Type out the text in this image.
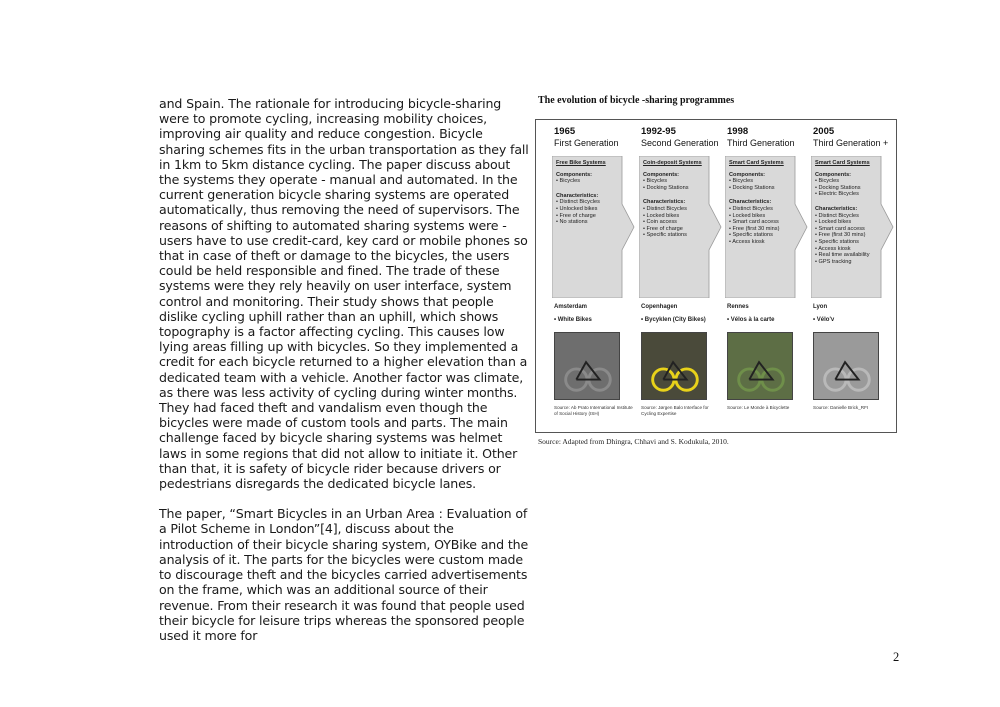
and Spain. The rationale for introducing bicycle-sharing were to promote cycling, increasing mobility choices, improving air quality and reduce congestion. Bicycle sharing schemes fits in the urban transportation as they fall in 1km to 5km distance cycling. The paper discuss about the systems they operate - manual and automated. In the current generation bicycle sharing systems are operated automatically, thus removing the need of supervisors. The reasons of shifting to automated sharing systems were - users have to use credit-card, key card or mobile phones so that in case of theft or damage to the bicycles, the users could be held responsible and fined. The trade of these systems were they rely heavily on user interface, system control and monitoring. Their study shows that people dislike cycling uphill rather than an uphill, which shows topography is a factor affecting cycling. This causes low lying areas filling up with bicycles. So they implemented a credit for each bicycle returned to a higher elevation than a dedicated team with a vehicle. Another factor was climate, as there was less activity of cycling during winter months. They had faced theft and vandalism even though the bicycles were made of custom tools and parts. The main challenge faced by bicycle sharing systems was helmet laws in some regions that did not allow to initiate it. Other than that, it is safety of bicycle rider because drivers or pedestrians disregards the dedicated bicycle lanes.

The paper, “Smart Bicycles in an Urban Area : Evaluation of a Pilot Scheme in London”[4], discuss about the introduction of their bicycle sharing system, OYBike and the analysis of it. The parts for the bicycles were custom made to discourage theft and the bicycles carried advertisements on the frame, which was an additional source of their revenue. From their research it was found that people used their bicycle for leisure trips whereas the sponsored people used it more for

The evolution of bicycle -sharing programmes
1965
First Generation
Free Bike Systems
Components:
• Bicycles
Characteristics:
• Distinct Bicycles
• Unlocked bikes
• Free of charge
• No stations
Amsterdam
• White Bikes
Source: Ab Prato International Institute of Social History (ISH)
1992-95
Second Generation
Coin-deposit Systems
Components:
• Bicycles
• Docking Stations
Characteristics:
• Distinct Bicycles
• Locked bikes
• Coin access
• Free of charge
• Specific stations
Copenhagen
• Bycyklen (City Bikes)
Source: Jørgen Balo Interface for Cycling Expertise
1998
Third Generation
Smart Card Systems
Components:
• Bicycles
• Docking Stations
Characteristics:
• Distinct Bicycles
• Locked bikes
• Smart card access
• Free (first 30 mins)
• Specific stations
• Access kiosk
Rennes
• Vélos à la carte
Source: Le Monde à Bicyclette
2005
Third Generation +
Smart Card Systems
Components:
• Bicycles
• Docking Stations
• Electric Bicycles
Characteristics:
• Distinct Bicycles
• Locked bikes
• Smart card access
• Free (first 30 mins)
• Specific stations
• Access kiosk
• Real time availability
• GPS tracking
Lyon
• Vélo'v
Source: Danielle Brick_RFI
Source: Adapted from Dhingra, Chhavi and S. Kodukula, 2010.
2
